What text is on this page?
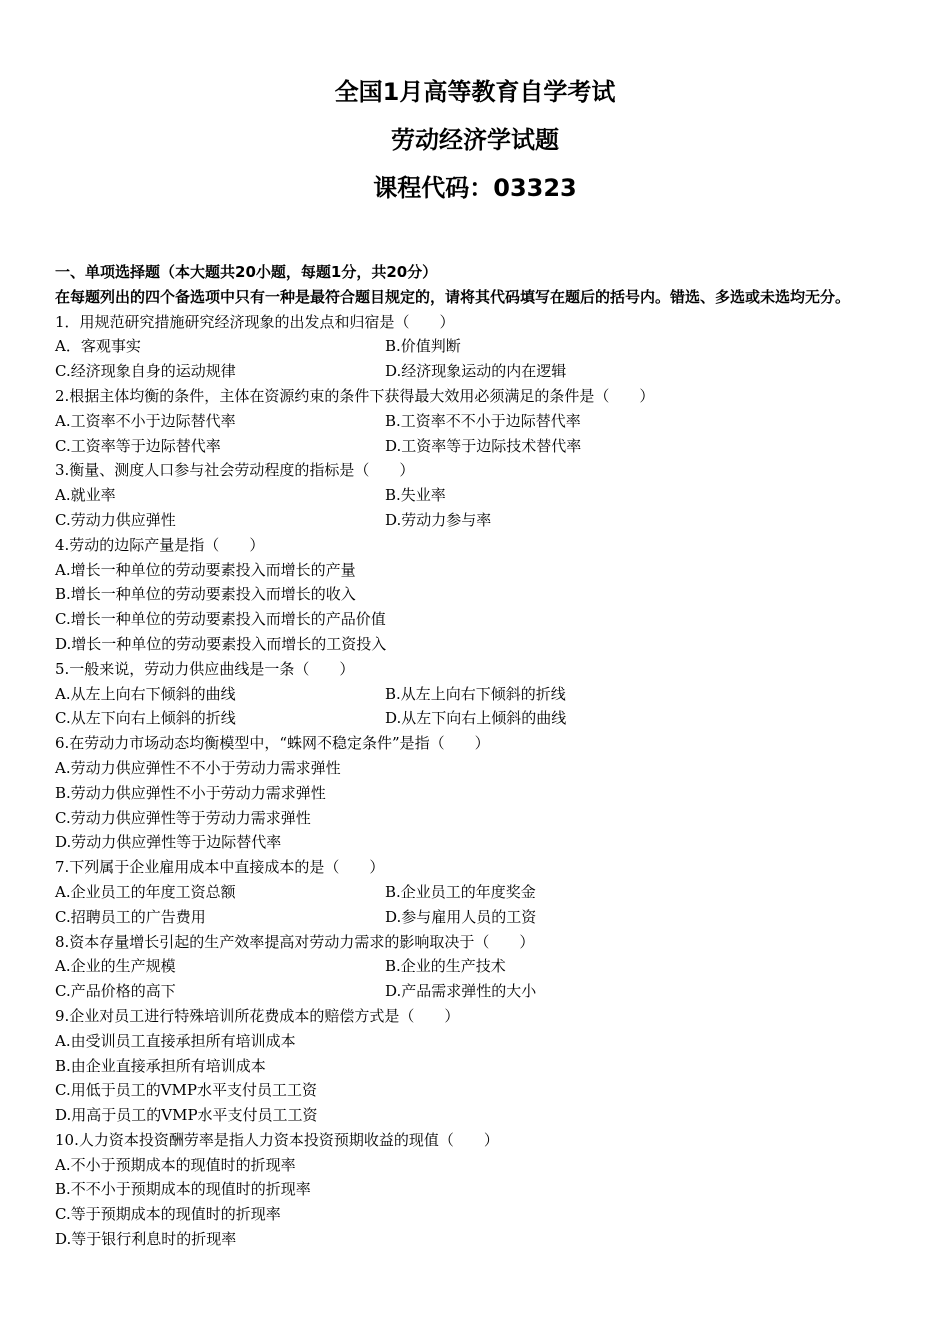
全国1月高等教育自学考试
劳动经济学试题
课程代码：03323
一、单项选择题（本大题共20小题，每题1分，共20分）
在每题列出的四个备选项中只有一种是最符合题目规定的，请将其代码填写在题后的括号内。错选、多选或未选均无分。
1．用规范研究措施研究经济现象的出发点和归宿是（　　）
A．客观事实	B.价值判断
C.经济现象自身的运动规律	D.经济现象运动的内在逻辑
2.根据主体均衡的条件，主体在资源约束的条件下获得最大效用必须满足的条件是（　　）
A.工资率不小于边际替代率	B.工资率不不小于边际替代率
C.工资率等于边际替代率	D.工资率等于边际技术替代率
3.衡量、测度人口参与社会劳动程度的指标是（　　）
A.就业率	B.失业率
C.劳动力供应弹性	D.劳动力参与率
4.劳动的边际产量是指（　　）
A.增长一种单位的劳动要素投入而增长的产量
B.增长一种单位的劳动要素投入而增长的收入
C.增长一种单位的劳动要素投入而增长的产品价值
D.增长一种单位的劳动要素投入而增长的工资投入
5.一般来说，劳动力供应曲线是一条（　　）
A.从左上向右下倾斜的曲线	B.从左上向右下倾斜的折线
C.从左下向右上倾斜的折线	D.从左下向右上倾斜的曲线
6.在劳动力市场动态均衡模型中，“蛛网不稳定条件”是指（　　）
A.劳动力供应弹性不不小于劳动力需求弹性
B.劳动力供应弹性不小于劳动力需求弹性
C.劳动力供应弹性等于劳动力需求弹性
D.劳动力供应弹性等于边际替代率
7.下列属于企业雇用成本中直接成本的是（　　）
A.企业员工的年度工资总额	B.企业员工的年度奖金
C.招聘员工的广告费用	D.参与雇用人员的工资
8.资本存量增长引起的生产效率提高对劳动力需求的影响取决于（　　）
A.企业的生产规模	B.企业的生产技术
C.产品价格的高下	D.产品需求弹性的大小
9.企业对员工进行特殊培训所花费成本的赔偿方式是（　　）
A.由受训员工直接承担所有培训成本
B.由企业直接承担所有培训成本
C.用低于员工的VMP水平支付员工工资
D.用高于员工的VMP水平支付员工工资
10.人力资本投资酬劳率是指人力资本投资预期收益的现值（　　）
A.不小于预期成本的现值时的折现率
B.不不小于预期成本的现值时的折现率
C.等于预期成本的现值时的折现率
D.等于银行利息时的折现率
